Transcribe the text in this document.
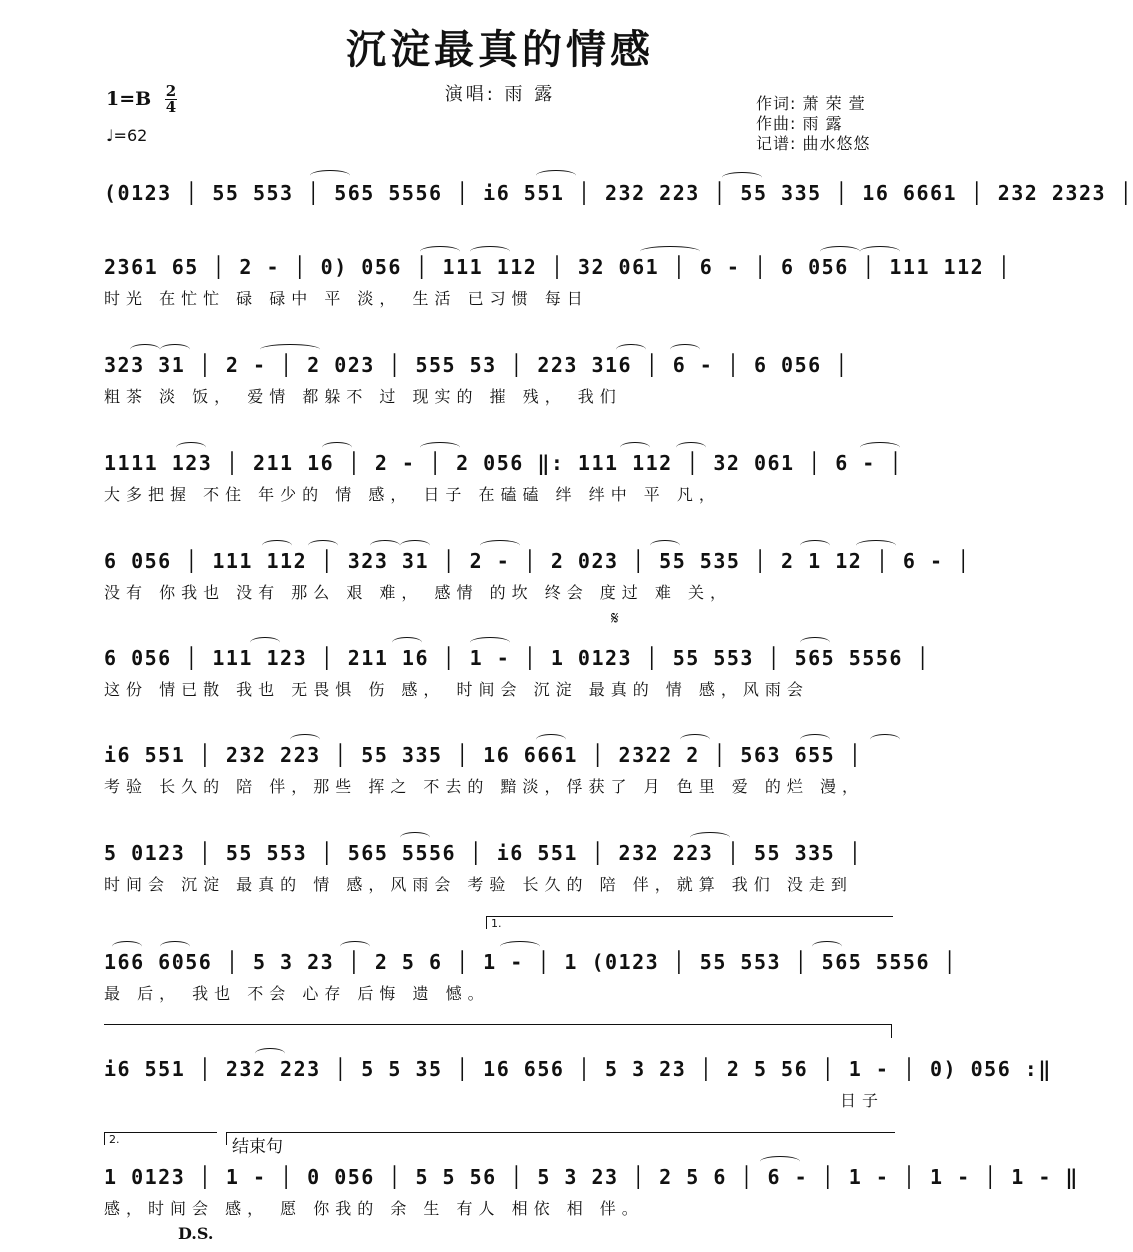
沉淀最真的情感
演唱: 雨 露
1=B 2
4
♩=62
作词: 萧 荣 萱
作曲: 雨 露
记谱: 曲水悠悠
(0123 │ 55 553 │ 565 5556 │ i6 551 │ 232 223 │ 55 335 │ 16 6661 │ 232 2323 │
2361 65 │ 2 - │ 0) 056 │ 111 112 │ 32 061 │ 6 - │ 6 056 │ 111 112 │
时光 在忙忙 碌 碌中 平 淡， 生活 已习惯 每日
323 31 │ 2 - │ 2 023 │ 555 53 │ 223 316 │ 6 - │ 6 056 │
粗茶 淡 饭， 爱情 都躲不 过 现实的 摧 残， 我们
1111 123 │ 211 16 │ 2 - │ 2 056 ‖: 111 112 │ 32 061 │ 6 - │
大多把握 不住 年少的 情 感， 日子 在磕磕 绊 绊中 平 凡，
6 056 │ 111 112 │ 323 31 │ 2 - │ 2 023 │ 55 535 │ 2 1 12 │ 6 - │
没有 你我也 没有 那么 艰 难， 感情 的坎 终会 度过 难 关，
6 056 │ 111 123 │ 211 16 │ 1 - │ 1 0123 │ 55 553 │ 565 5556 │
这份 情已散 我也 无畏惧 伤 感， 时间会 沉淀 最真的 情 感，风雨会
i6 551 │ 232 223 │ 55 335 │ 16 6661 │ 2322 2 │ 563 655 │
考验 长久的 陪 伴，那些 挥之 不去的 黯淡，俘获了 月 色里 爱 的烂 漫，
5 0123 │ 55 553 │ 565 5556 │ i6 551 │ 232 223 │ 55 335 │
时间会 沉淀 最真的 情 感，风雨会 考验 长久的 陪 伴，就算 我们 没走到
166 6056 │ 5 3 23 │ 2 5 6 │ 1 - │ 1 (0123 │ 55 553 │ 565 5556 │
最 后， 我也 不会 心存 后悔 遗 憾。
i6 551 │ 232 223 │ 5 5 35 │ 16 656 │ 5 3 23 │ 2 5 56 │ 1 - │ 0) 056 :‖
日子
1 0123 │ 1 - │ 0 056 │ 5 5 56 │ 5 3 23 │ 2 5 6 │ 6 - │ 1 - │ 1 - │ 1 - ‖
感，时间会 感， 愿 你我的 余 生 有人 相依 相 伴。
𝄋
1.
2.	结束句
D.S.
